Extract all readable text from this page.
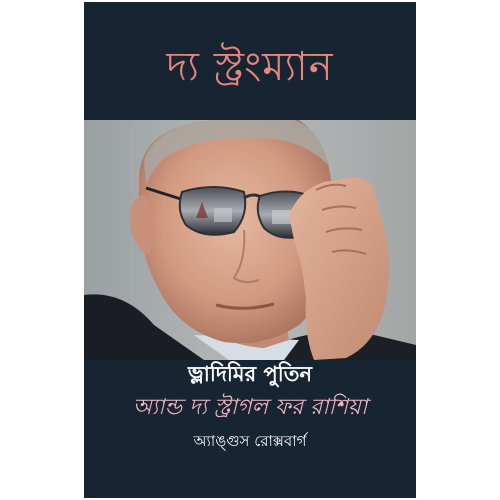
দ্য স্ট্রংম্যান
ভ্লাদিমির পুতিন
অ্যান্ড দ্য স্ট্রাগল ফর রাশিয়া
অ্যাঙ্গুস রোক্সবার্গ
